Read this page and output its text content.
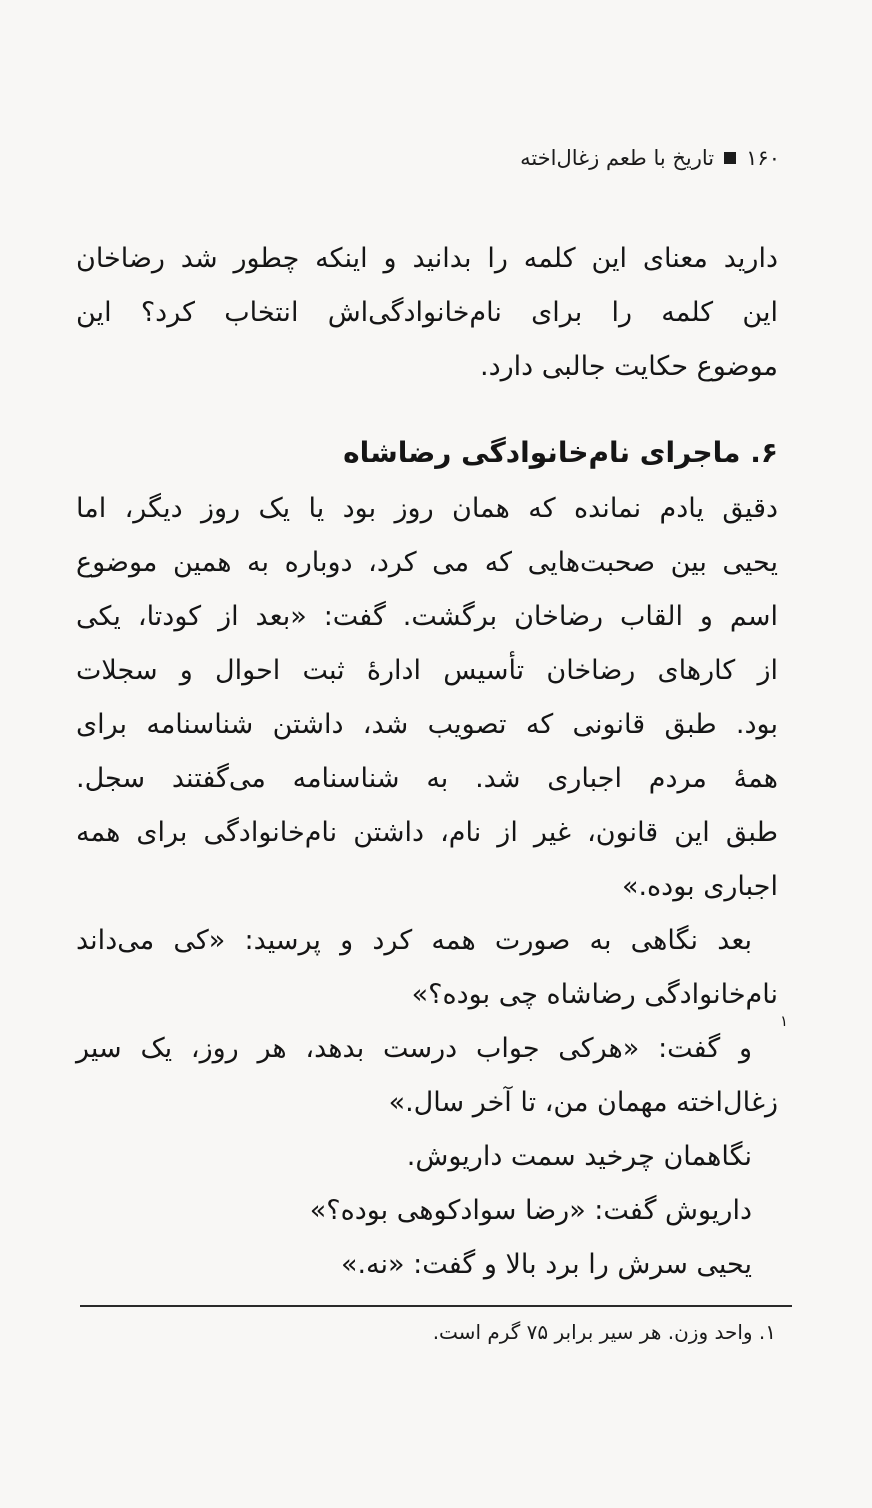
۱۶۰
تاریخ با طعم زغال‌اخته
دارید معنای این کلمه را بدانید و اینکه چطور شد رضاخان
این کلمه را برای نام‌خانوادگی‌اش انتخاب کرد؟ این
موضوع حکایت جالبی دارد.
۶. ماجرای نام‌خانوادگی رضاشاه
دقیق یادم نمانده که همان روز بود یا یک روز دیگر، اما
یحیی بین صحبت‌هایی که می کرد، دوباره به همین موضوع
اسم و القاب رضاخان برگشت. گفت: «بعد از کودتا، یکی
از کارهای رضاخان تأسیس ادارۀ ثبت احوال و سجلات
بود. طبق قانونی که تصویب شد، داشتن شناسنامه برای
همۀ مردم اجباری شد. به شناسنامه می‌گفتند سجل.
طبق این قانون، غیر از نام، داشتن نام‌خانوادگی برای همه
اجباری بوده.»
بعد نگاهی به صورت همه کرد و پرسید: «کی می‌داند
نام‌خانوادگی رضاشاه چی بوده؟»
و گفت: «هرکی جواب درست بدهد، هر روز، یک سیر
زغال‌اخته مهمان من، تا آخر سال.»
نگاهمان چرخید سمت داریوش.
داریوش گفت: «رضا سوادکوهی بوده؟»
یحیی سرش را برد بالا و گفت: «نه.»
۱
۱. واحد وزن. هر سیر برابر ۷۵ گرم است.
